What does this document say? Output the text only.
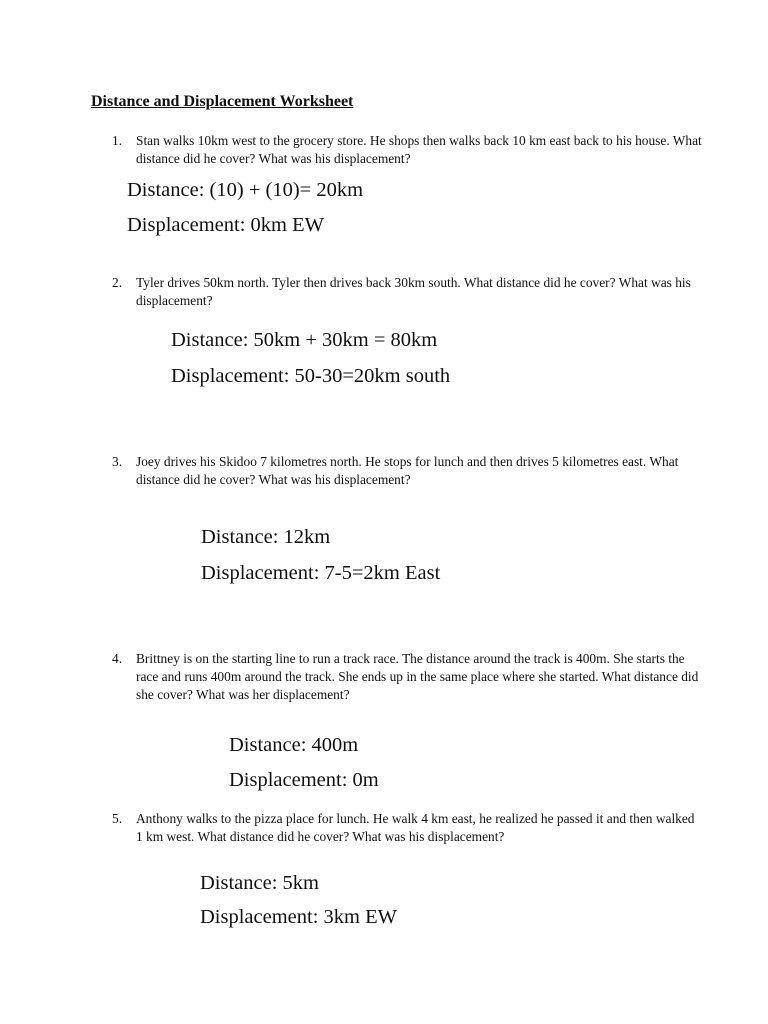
Distance and Displacement Worksheet
1. Stan walks 10km west to the grocery store. He shops then walks back 10 km east back to his house. What distance did he cover? What was his displacement?
Distance: (10) + (10)= 20km
Displacement: 0km EW
2. Tyler drives 50km north. Tyler then drives back 30km south. What distance did he cover? What was his displacement?
Distance: 50km + 30km = 80km
Displacement: 50-30=20km south
3. Joey drives his Skidoo 7 kilometres north. He stops for lunch and then drives 5 kilometres east. What distance did he cover? What was his displacement?
Distance: 12km
Displacement: 7-5=2km East
4. Brittney is on the starting line to run a track race. The distance around the track is 400m. She starts the race and runs 400m around the track. She ends up in the same place where she started. What distance did she cover? What was her displacement?
Distance: 400m
Displacement: 0m
5. Anthony walks to the pizza place for lunch. He walk 4 km east, he realized he passed it and then walked 1 km west. What distance did he cover? What was his displacement?
Distance: 5km
Displacement: 3km EW
